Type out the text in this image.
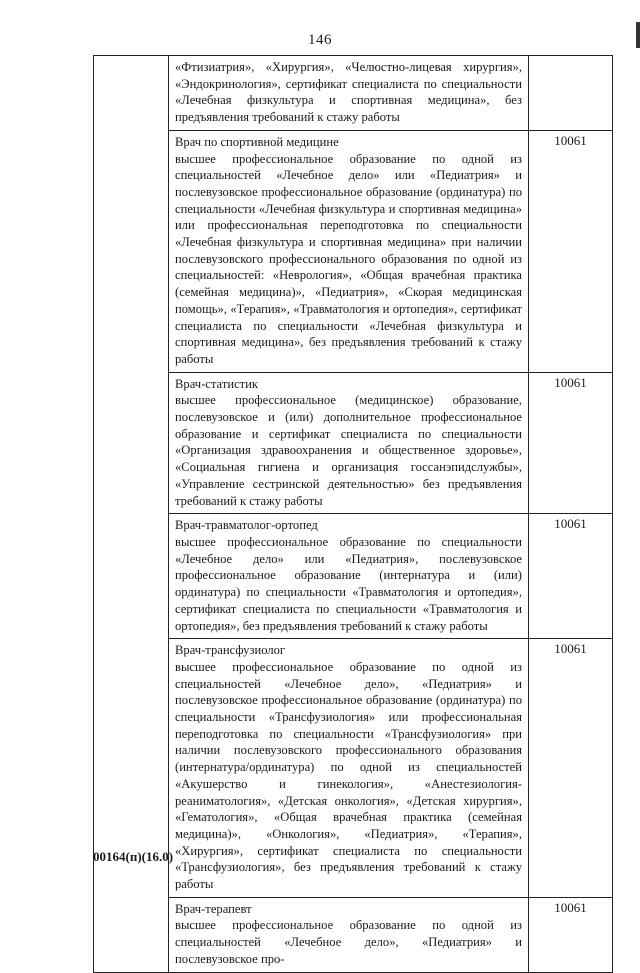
146

«Фтизиатрия», «Хирургия», «Челюстно-лицевая хирургия», «Эндокринология», сертификат специалиста по специальности «Лечебная физкультура и спортивная медицина», без предъявления требований к стажу работы	

	Врач по спортивной медицине
высшее профессиональное образование по одной из специальностей «Лечебное дело» или «Педиатрия» и послевузовское профессиональное образование (ординатура) по специальности «Лечебная физкультура и спортивная медицина» или профессиональная переподготовка по специальности «Лечебная физкультура и спортивная медицина» при наличии послевузовского профессионального образования по одной из специальностей: «Неврология», «Общая врачебная практика (семейная медицина)», «Педиатрия», «Скорая медицинская помощь», «Терапия», «Травматология и ортопедия», сертификат специалиста по специальности «Лечебная физкультура и спортивная медицина», без предъявления требований к стажу работы	10061

	Врач-статистик
высшее профессиональное (медицинское) образование, послевузовское и (или) дополнительное профессиональное образование и сертификат специалиста по специальности «Организация здравоохранения и общественное здоровье», «Социальная гигиена и организация госсанэпидслужбы», «Управление сестринской деятельностью» без предъявления требований к стажу работы	10061

	Врач-травматолог-ортопед
высшее профессиональное образование по специальности «Лечебное дело» или «Педиатрия», послевузовское профессиональное образование (интернатура и (или) ординатура) по специальности «Травматология и ортопедия», сертификат специалиста по специальности «Травматология и ортопедия», без предъявления требований к стажу работы	10061

	Врач-трансфузиолог
высшее профессиональное образование по одной из специальностей «Лечебное дело», «Педиатрия» и послевузовское профессиональное образование (ординатура) по специальности «Трансфузиология» или профессиональная переподготовка по специальности «Трансфузиология» при наличии послевузовского профессионального образования (интернатура/ординатура) по одной из специальностей «Акушерство и гинекология», «Анестезиология-реаниматология», «Детская онкология», «Детская хирургия», «Гематология», «Общая врачебная практика (семейная медицина)», «Онкология», «Педиатрия», «Терапия», «Хирургия», сертификат специалиста по специальности «Трансфузиология», без предъявления требований к стажу работы	10061

	Врач-терапевт
высшее профессиональное образование по одной из специальностей «Лечебное дело», «Педиатрия» и послевузовское про-	10061
00164(п)(16.0)
